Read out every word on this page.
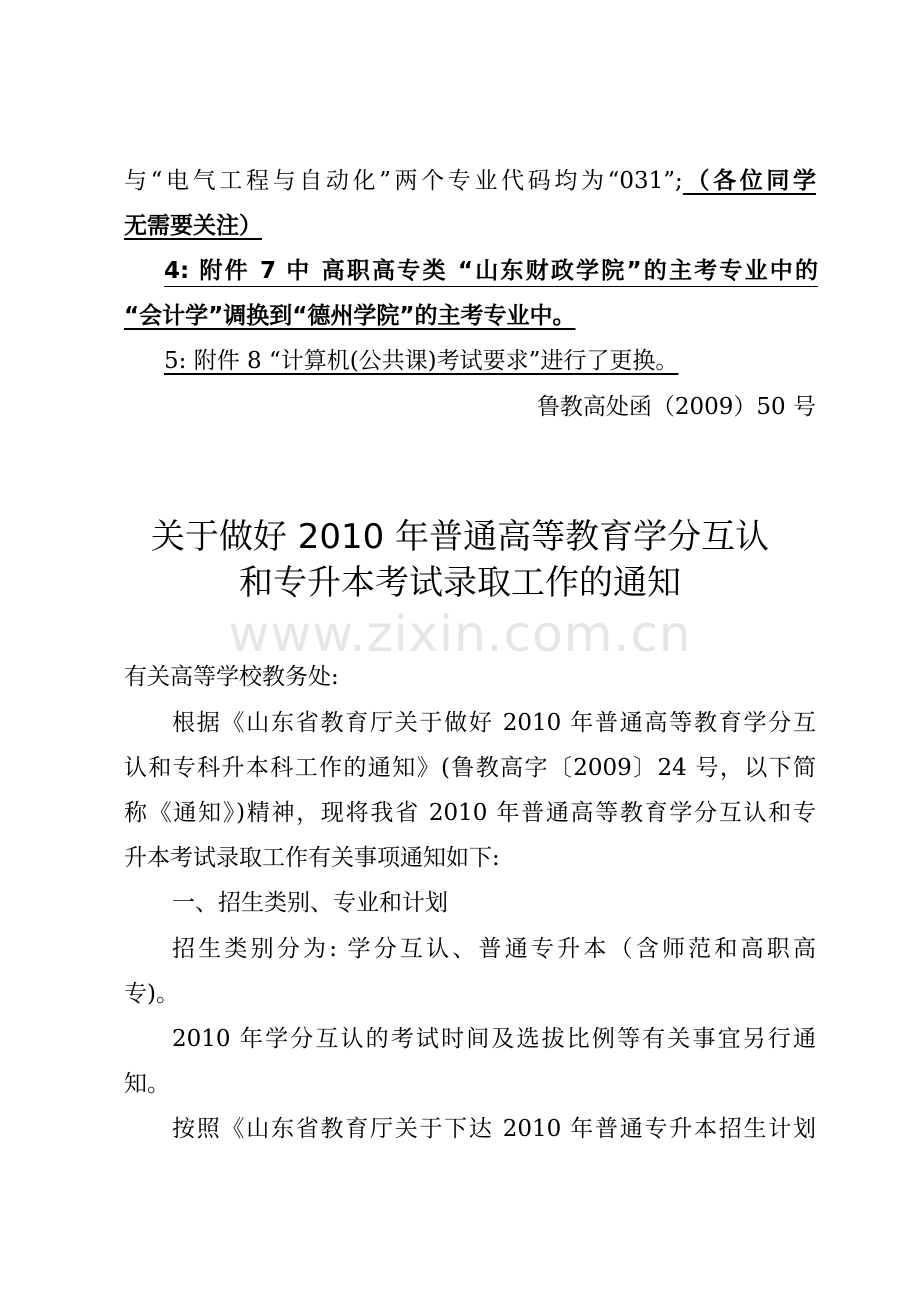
与“电气工程与自动化”两个专业代码均为“031”;（各位同学
无需要关注）
4: 附件 7 中 高职高专类 “山东财政学院”的主考专业中的
“会计学”调换到“德州学院”的主考专业中。
5: 附件 8 “计算机(公共课)考试要求”进行了更换。
鲁教高处函（2009）50 号
关于做好 2010 年普通高等教育学分互认
和专升本考试录取工作的通知
www.zixin.com.cn
有关高等学校教务处:
根据《山东省教育厅关于做好 2010 年普通高等教育学分互
认和专科升本科工作的通知》(鲁教高字〔2009〕24 号，以下简
称《通知》)精神，现将我省 2010 年普通高等教育学分互认和专
升本考试录取工作有关事项通知如下:
一、招生类别、专业和计划
招生类别分为: 学分互认、普通专升本（含师范和高职高
专)。
2010 年学分互认的考试时间及选拔比例等有关事宜另行通
知。
按照《山东省教育厅关于下达 2010 年普通专升本招生计划
